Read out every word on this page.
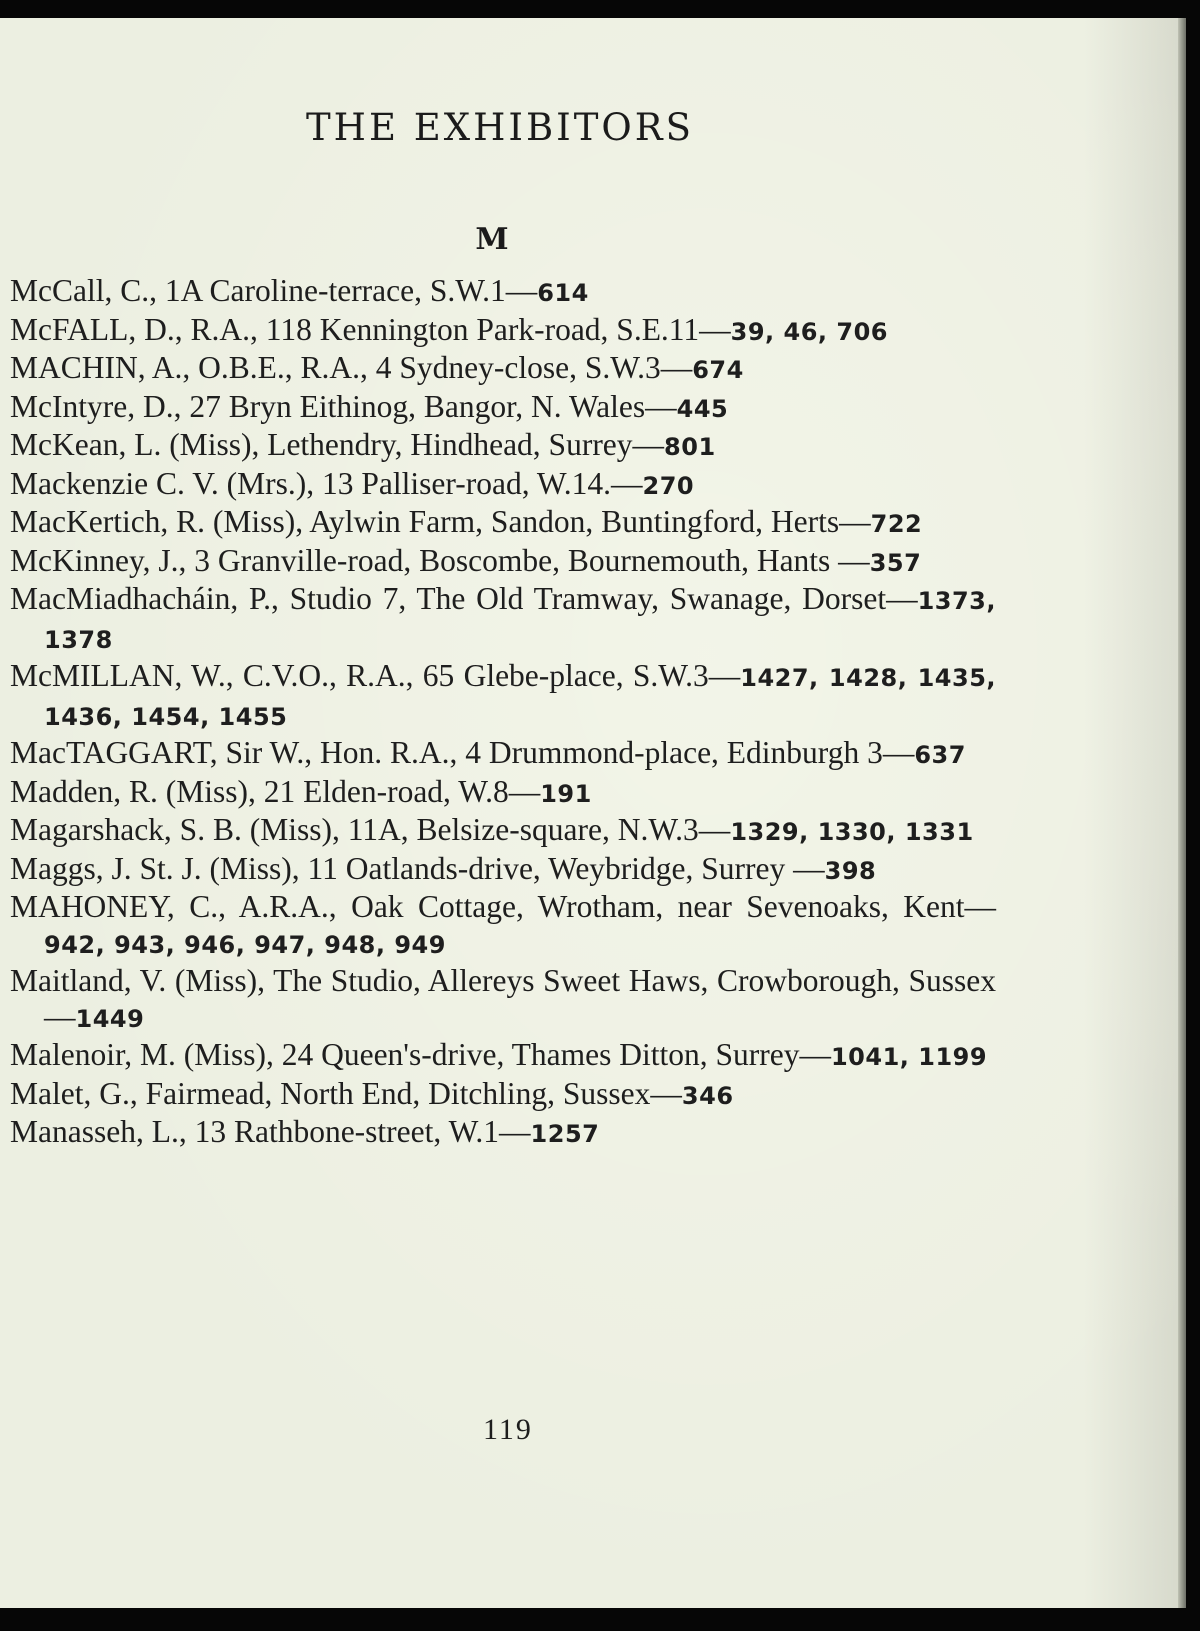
THE EXHIBITORS
M
McCall, C., 1A Caroline-terrace, S.W.1—614
McFALL, D., R.A., 118 Kennington Park-road, S.E.11—39, 46, 706
MACHIN, A., O.B.E., R.A., 4 Sydney-close, S.W.3—674
McIntyre, D., 27 Bryn Eithinog, Bangor, N. Wales—445
McKean, L. (Miss), Lethendry, Hindhead, Surrey—801
Mackenzie C. V. (Mrs.), 13 Palliser-road, W.14.—270
MacKertich, R. (Miss), Aylwin Farm, Sandon, Buntingford, Herts—722
McKinney, J., 3 Granville-road, Boscombe, Bournemouth, Hants —357
MacMiadhacháin, P., Studio 7, The Old Tramway, Swanage, Dorset—1373, 1378
McMILLAN, W., C.V.O., R.A., 65 Glebe-place, S.W.3—1427, 1428, 1435, 1436, 1454, 1455
MacTAGGART, Sir W., Hon. R.A., 4 Drummond-place, Edinburgh 3—637
Madden, R. (Miss), 21 Elden-road, W.8—191
Magarshack, S. B. (Miss), 11A, Belsize-square, N.W.3—1329, 1330, 1331
Maggs, J. St. J. (Miss), 11 Oatlands-drive, Weybridge, Surrey —398
MAHONEY, C., A.R.A., Oak Cottage, Wrotham, near Sevenoaks, Kent—942, 943, 946, 947, 948, 949
Maitland, V. (Miss), The Studio, Allereys Sweet Haws, Crowborough, Sussex—1449
Malenoir, M. (Miss), 24 Queen's-drive, Thames Ditton, Surrey—1041, 1199
Malet, G., Fairmead, North End, Ditchling, Sussex—346
Manasseh, L., 13 Rathbone-street, W.1—1257
119
